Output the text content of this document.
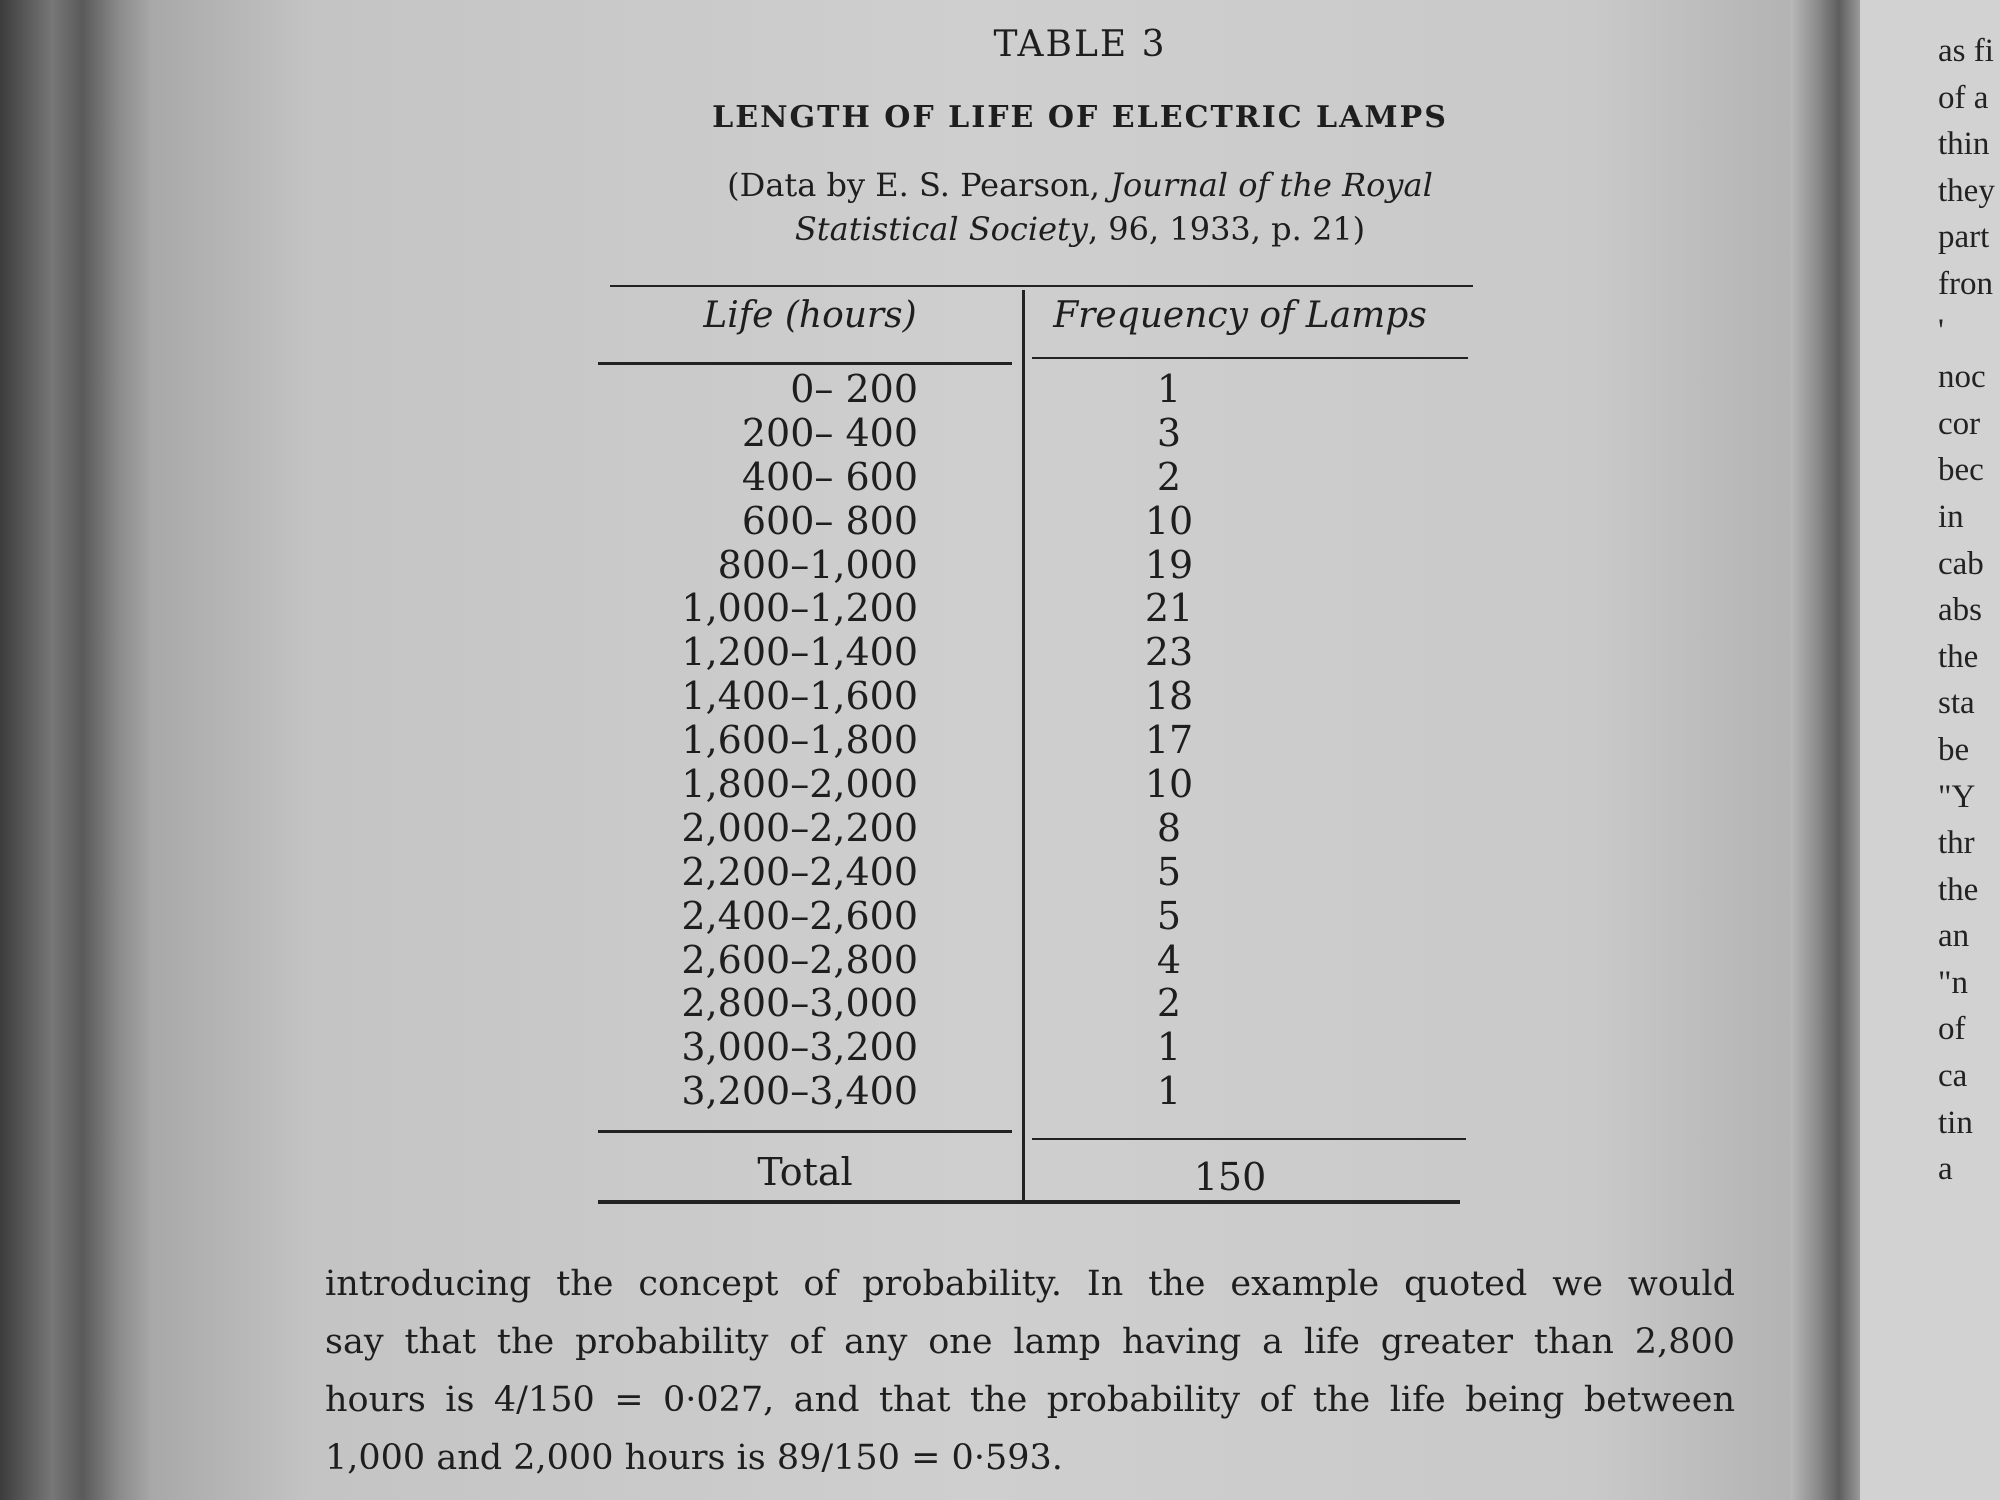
as fi
of a
thin
they
part
fron
'
noc
cor
bec
in
cab
abs
the
sta
be
"Y
thr
the
an
"n
of
ca
tin
a
TABLE 3
LENGTH OF LIFE OF ELECTRIC LAMPS
(Data by E. S. Pearson, Journal of the Royal
Statistical Society, 96, 1933, p. 21)
Life (hours)	Frequency of Lamps
0– 200	1
200– 400	3
400– 600	2
600– 800	10
800–1,000	19
1,000–1,200	21
1,200–1,400	23
1,400–1,600	18
1,600–1,800	17
1,800–2,000	10
2,000–2,200	8
2,200–2,400	5
2,400–2,600	5
2,600–2,800	4
2,800–3,000	2
3,000–3,200	1
3,200–3,400	1
Total	150

introducing the concept of probability. In the example quoted we would

say that the probability of any one lamp having a life greater than 2,800

hours is 4/150 = 0·027, and that the probability of the life being between

1,000 and 2,000 hours is 89/150 = 0·593.
